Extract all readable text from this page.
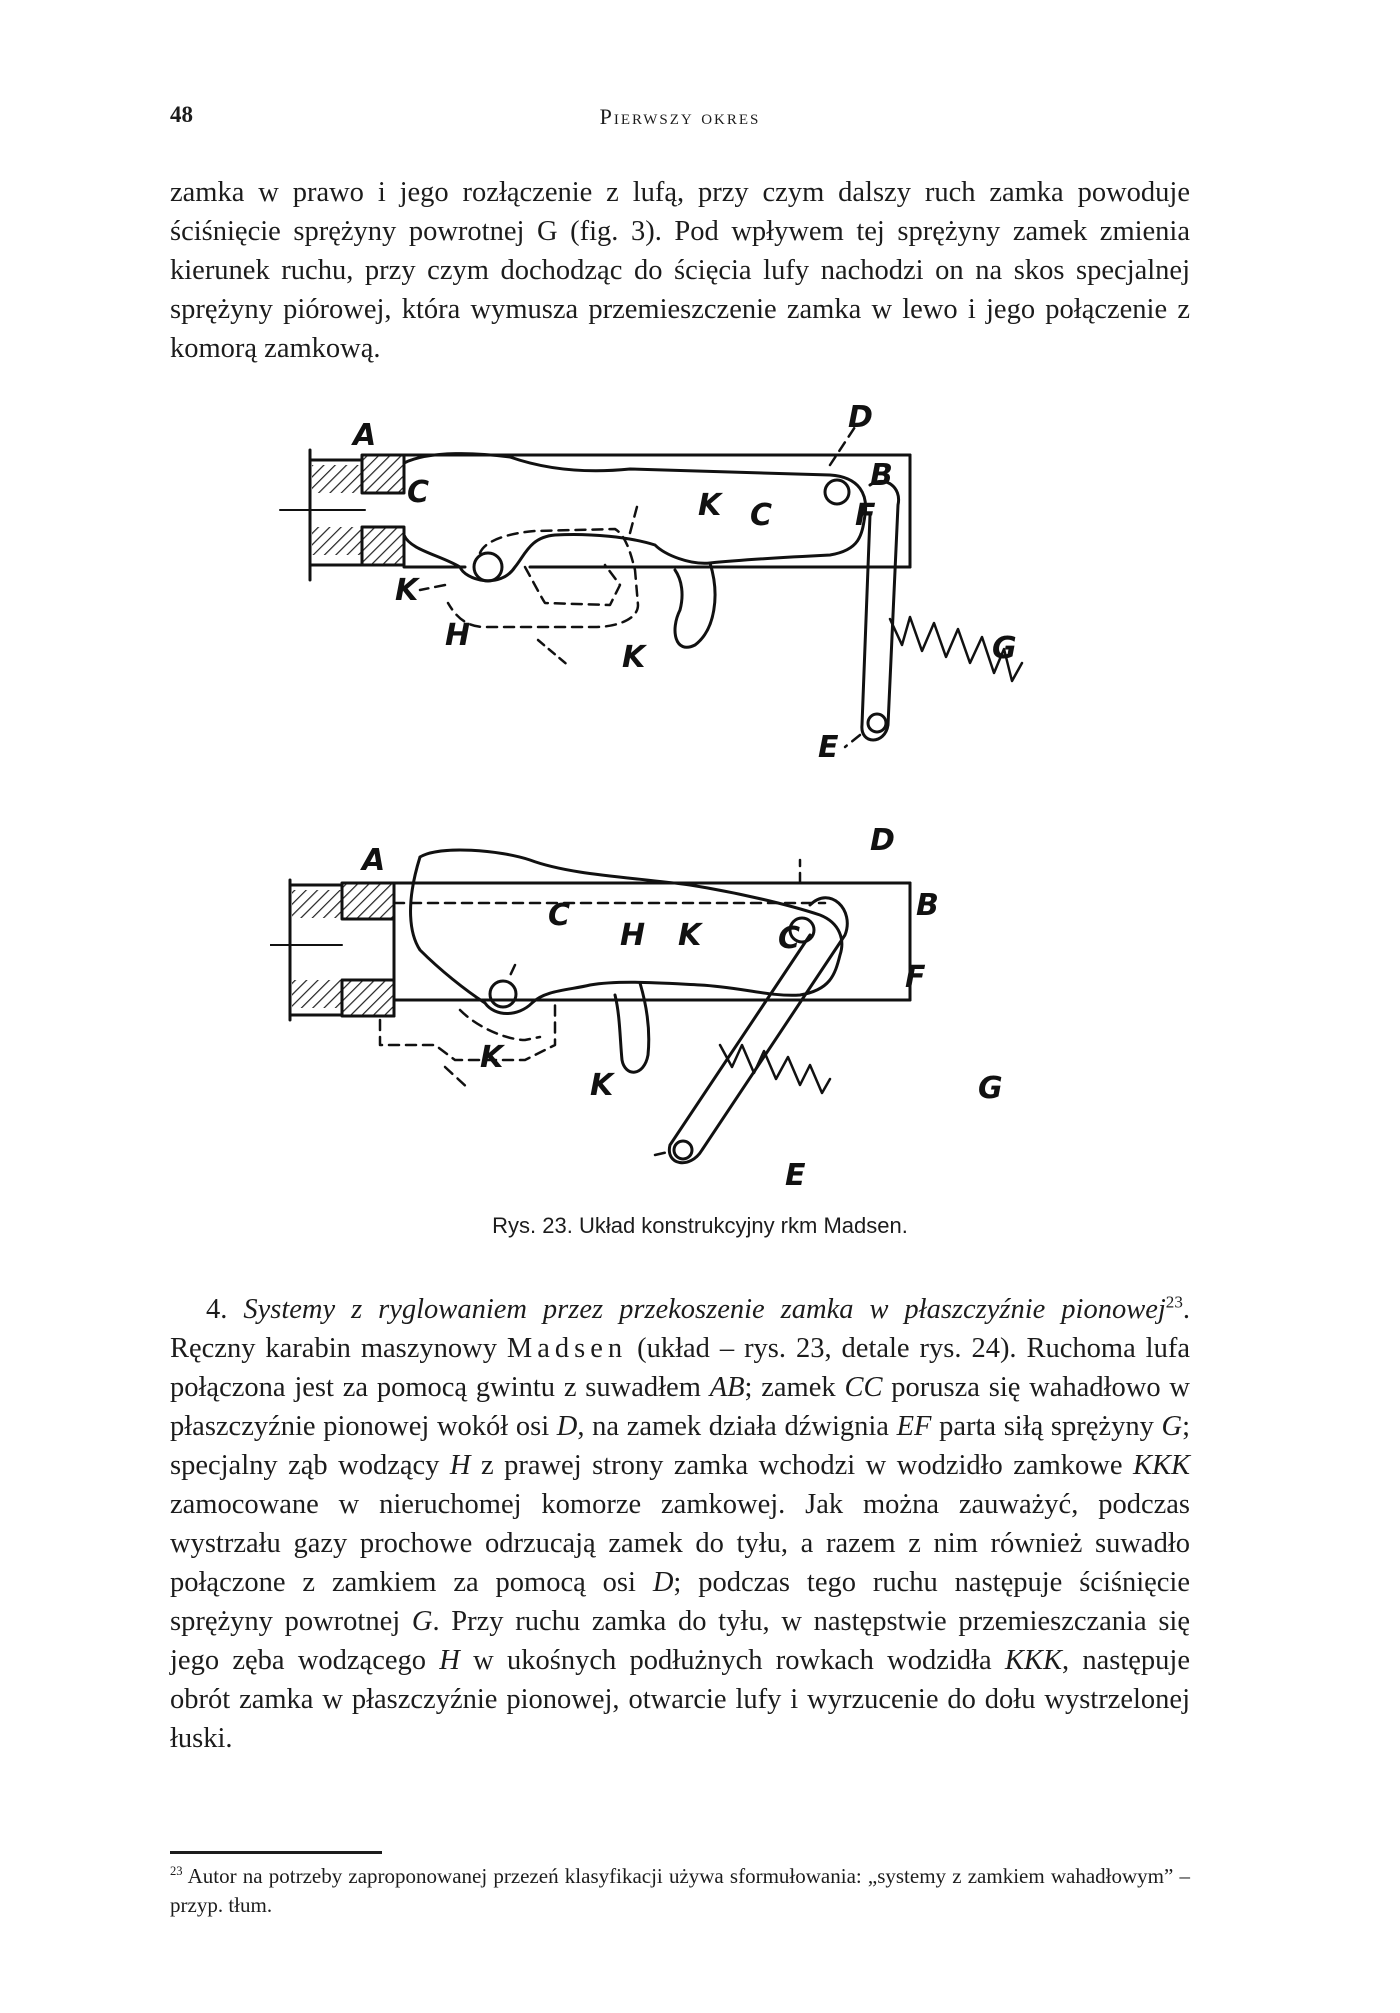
48	Pierwszy okres

zamka w prawo i jego rozłączenie z lufą, przy czym dalszy ruch zamka powoduje ściśnięcie sprężyny powrotnej G (fig. 3). Pod wpływem tej sprężyny zamek zmienia kierunek ruchu, przy czym dochodząc do ścięcia lufy nachodzi on na skos specjalnej sprężyny piórowej, która wymusza przemieszczenie zamka w lewo i jego połączenie z komorą zamkową.

A
D
B
C	K C	F
K
H
K	G
E
A
D
B
C
H K	C
F
K
K	G
E
Rys. 23. Układ konstrukcyjny rkm Madsen.

4. Systemy z ryglowaniem przez przekoszenie zamka w płaszczyźnie pionowej$^{23}$. Ręczny karabin maszynowy Madsen (układ – rys. 23, detale rys. 24). Ruchoma lufa połączona jest za pomocą gwintu z suwadłem AB; zamek CC porusza się wahadłowo w płaszczyźnie pionowej wokół osi D, na zamek działa dźwignia EF parta siłą sprężyny G; specjalny ząb wodzący H z prawej strony zamka wchodzi w wodzidło zamkowe KKK zamocowane w nieruchomej komorze zamkowej. Jak można zauważyć, podczas wystrzału gazy prochowe odrzucają zamek do tyłu, a razem z nim również suwadło połączone z zamkiem za pomocą osi D; podczas tego ruchu następuje ściśnięcie sprężyny powrotnej G. Przy ruchu zamka do tyłu, w następstwie przemieszczania się jego zęba wodzącego H w ukośnych podłużnych rowkach wodzidła KKK, następuje obrót zamka w płaszczyźnie pionowej, otwarcie lufy i wyrzucenie do dołu wystrzelonej łuski.

$^{23}$ Autor na potrzeby zaproponowanej przezeń klasyfikacji używa sformułowania: „systemy z zamkiem wahadłowym” – przyp. tłum.
